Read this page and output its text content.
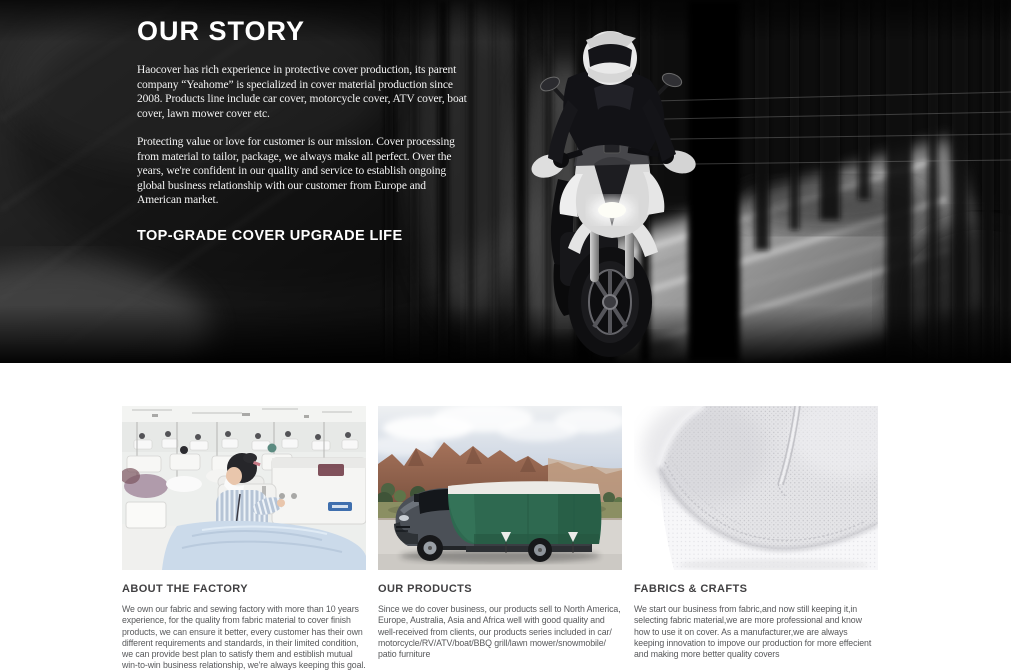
OUR STORY

Haocover has rich experience in protective cover production, its parent company “Yeahome” is specialized in cover material production since 2008. Products line include car cover, motorcycle cover, ATV cover, boat cover, lawn mower cover etc.

Protecting value or love for customer is our mission. Cover processing from material to tailor, package, we always make all perfect. Over the years, we're confident in our quality and service to establish ongoing global business relationship with our customer from Europe and American market.

TOP-GRADE COVER UPGRADE LIFE
ABOUT THE FACTORY

We own our fabric and sewing factory with more than 10 years experience, for the quality from fabric material to cover finish products, we can ensure it better, every customer has their own different requirements and standards, in their limited condition, we can provide best plan to satisfy them and estiblish mutual win-to-win business relationship, we're always keeping this goal.

OUR PRODUCTS

Since we do cover business, our products sell to North America, Europe, Australia, Asia and Africa well with good quality and well-received from clients, our products series included in car/ motorcycle/RV/ATV/boat/BBQ grill/lawn mower/snowmobile/ patio furniture

FABRICS & CRAFTS

We start our business from fabric,and now still keeping it,in selecting fabric material,we are more professional and know how to use it on cover. As a manufacturer,we are always keeping innovation to impove our production for more effecient and making more better quality covers
